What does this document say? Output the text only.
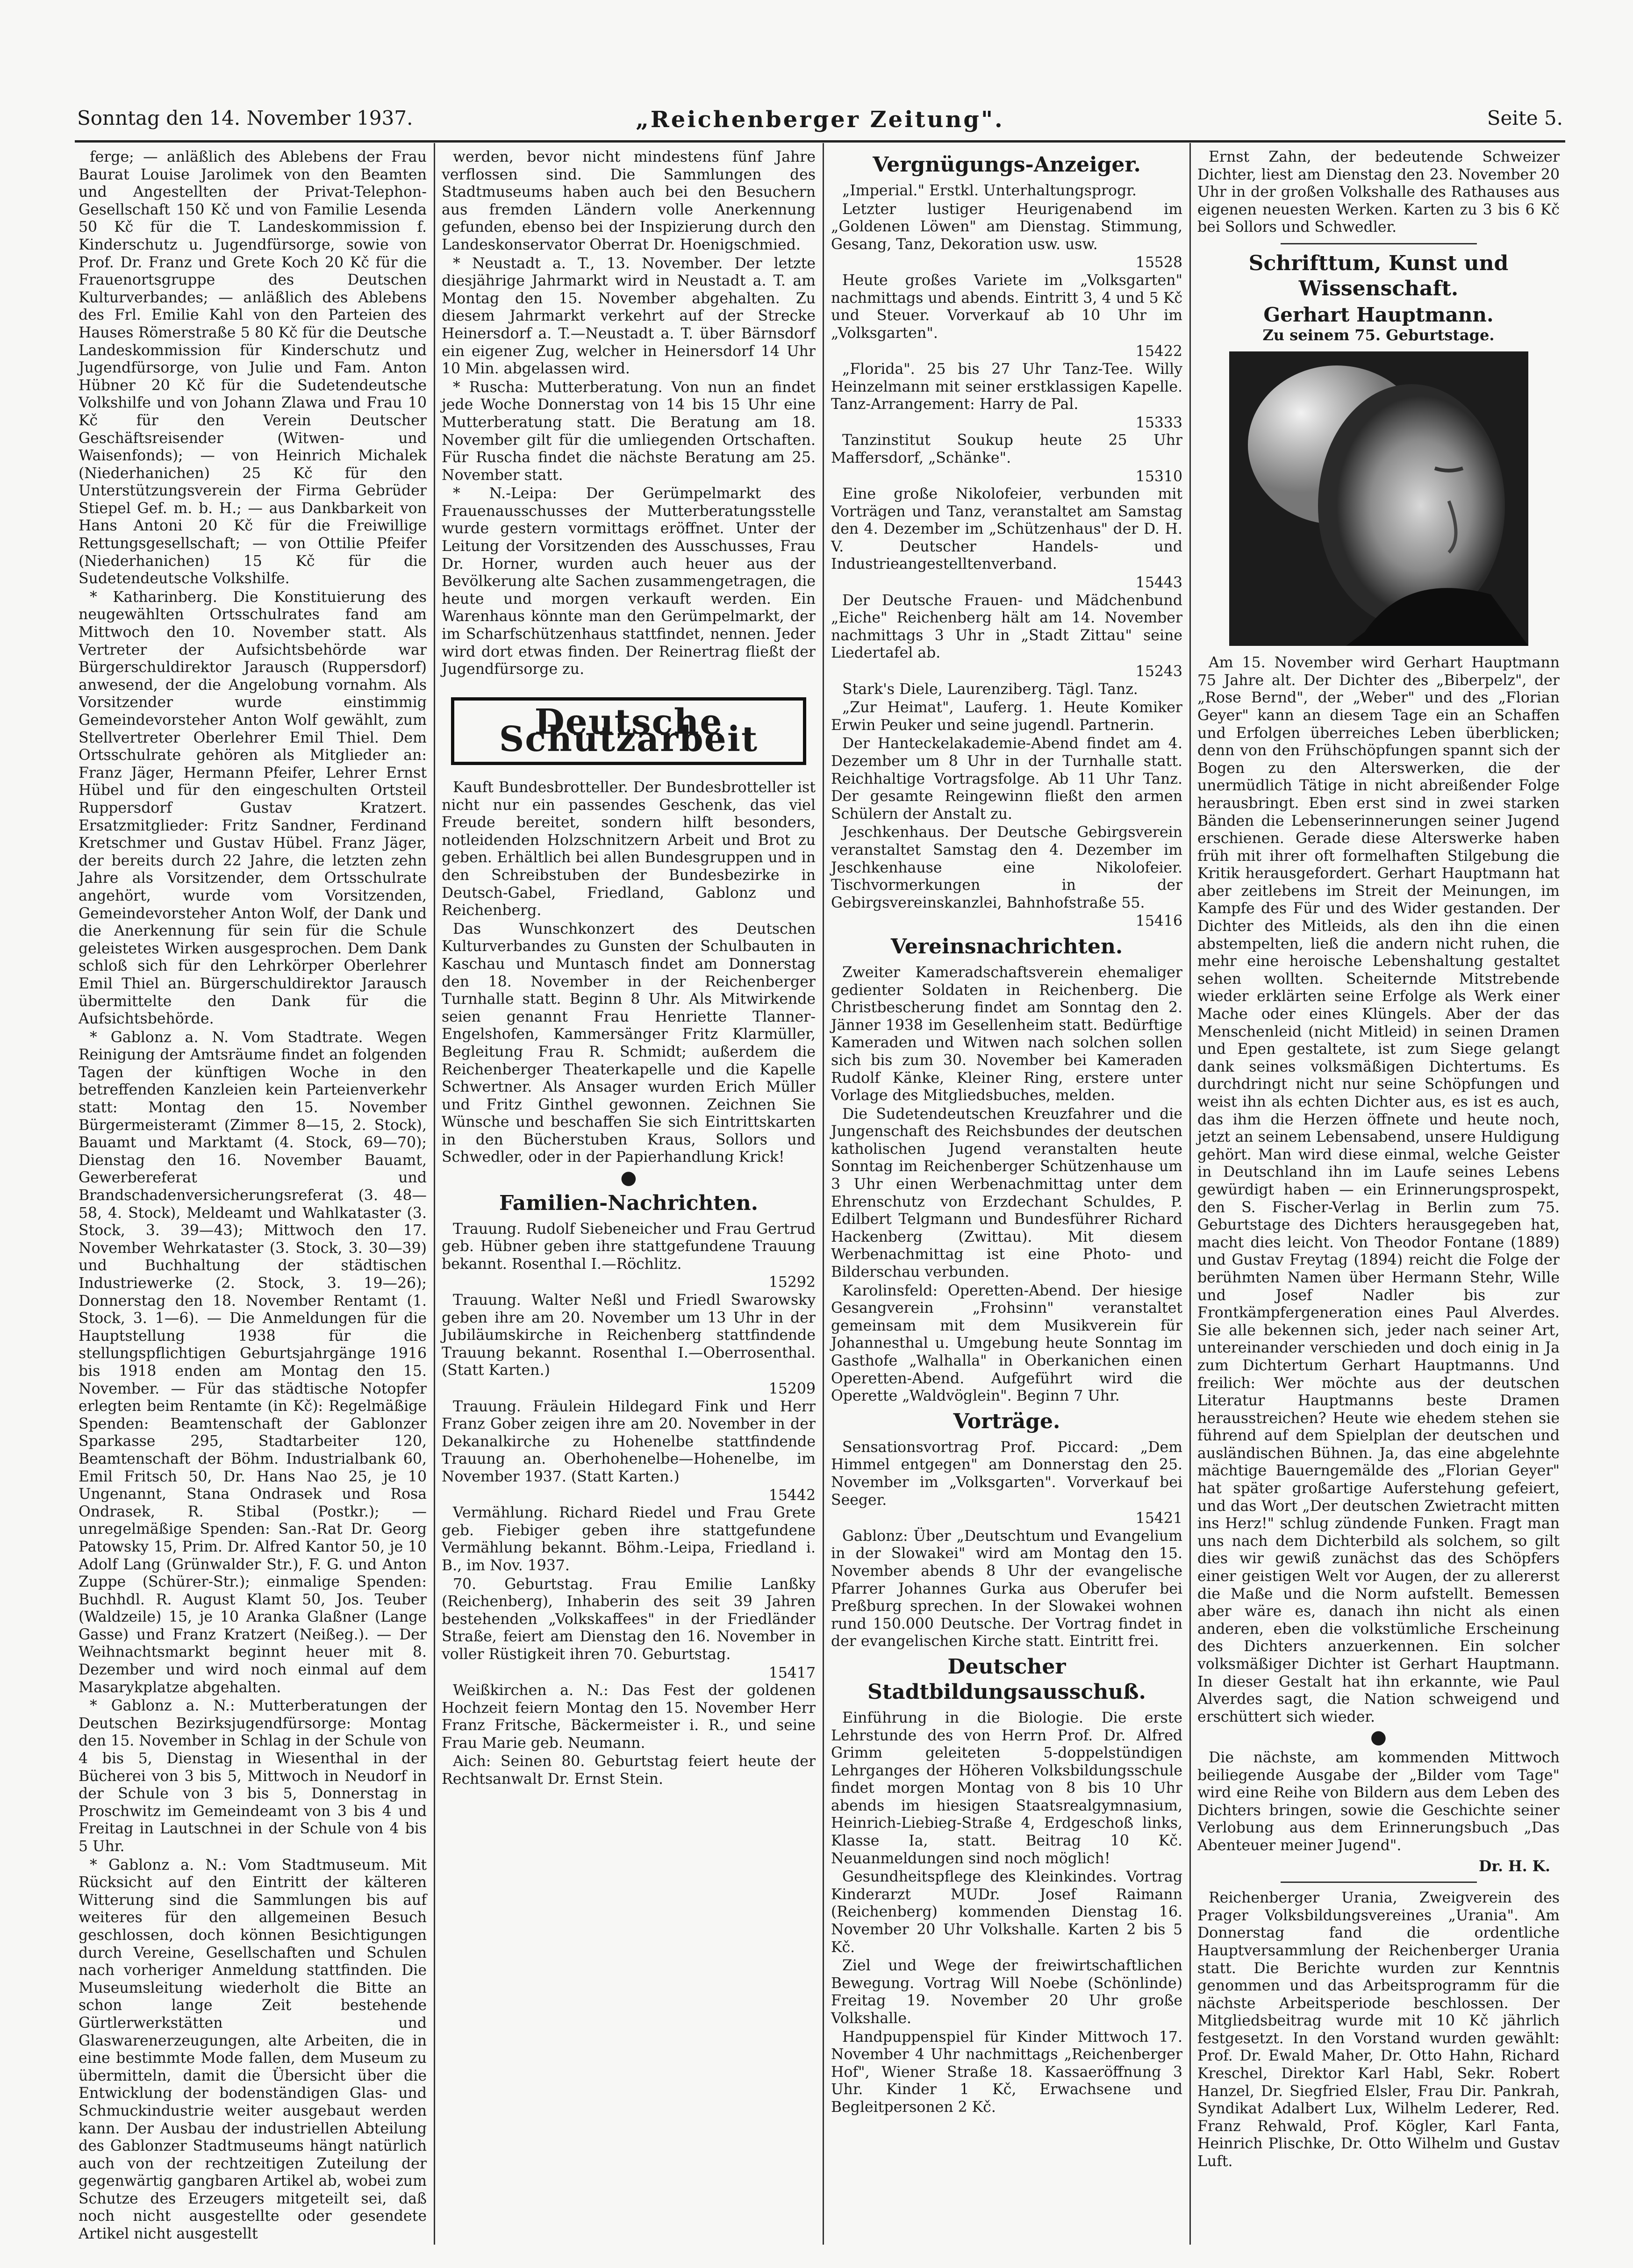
Sonntag den 14. November 1937.	„Reichenberger Zeitung".	Seite 5.

ferge; — anläßlich des Ablebens der Frau Baurat Louise Jarolimek von den Beamten und Angestellten der Privat-Telephon-Gesellschaft 150 Kč und von Familie Lesenda 50 Kč für die T. Landeskommission f. Kinderschutz u. Jugendfürsorge, sowie von Prof. Dr. Franz und Grete Koch 20 Kč für die Frauenortsgruppe des Deutschen Kulturverbandes; — anläßlich des Ablebens des Frl. Emilie Kahl von den Parteien des Hauses Römerstraße 5 80 Kč für die Deutsche Landeskommission für Kinderschutz und Jugendfürsorge, von Julie und Fam. Anton Hübner 20 Kč für die Sudetendeutsche Volkshilfe und von Johann Zlawa und Frau 10 Kč für den Verein Deutscher Geschäftsreisender (Witwen- und Waisenfonds); — von Heinrich Michalek (Niederhanichen) 25 Kč für den Unterstützungsverein der Firma Gebrüder Stiepel Gef. m. b. H.; — aus Dankbarkeit von Hans Antoni 20 Kč für die Freiwillige Rettungsgesellschaft; — von Ottilie Pfeifer (Niederhanichen) 15 Kč für die Sudetendeutsche Volkshilfe.

* Katharinberg. Die Konstituierung des neugewählten Ortsschulrates fand am Mittwoch den 10. November statt. Als Vertreter der Aufsichtsbehörde war Bürgerschuldirektor Jarausch (Ruppersdorf) anwesend, der die Angelobung vornahm. Als Vorsitzender wurde einstimmig Gemeindevorsteher Anton Wolf gewählt, zum Stellvertreter Oberlehrer Emil Thiel. Dem Ortsschulrate gehören als Mitglieder an: Franz Jäger, Hermann Pfeifer, Lehrer Ernst Hübel und für den eingeschulten Ortsteil Ruppersdorf Gustav Kratzert. Ersatzmitglieder: Fritz Sandner, Ferdinand Kretschmer und Gustav Hübel. Franz Jäger, der bereits durch 22 Jahre, die letzten zehn Jahre als Vorsitzender, dem Ortsschulrate angehört, wurde vom Vorsitzenden, Gemeindevorsteher Anton Wolf, der Dank und die Anerkennung für sein für die Schule geleistetes Wirken ausgesprochen. Dem Dank schloß sich für den Lehrkörper Oberlehrer Emil Thiel an. Bürgerschuldirektor Jarausch übermittelte den Dank für die Aufsichtsbehörde.

* Gablonz a. N. Vom Stadtrate. Wegen Reinigung der Amtsräume findet an folgenden Tagen der künftigen Woche in den betreffenden Kanzleien kein Parteienverkehr statt: Montag den 15. November Bürgermeisteramt (Zimmer 8—15, 2. Stock), Bauamt und Marktamt (4. Stock, 69—70); Dienstag den 16. November Bauamt, Gewerbereferat und Brandschadenversicherungsreferat (3. 48—58, 4. Stock), Meldeamt und Wahlkataster (3. Stock, 3. 39—43); Mittwoch den 17. November Wehrkataster (3. Stock, 3. 30—39) und Buchhaltung der städtischen Industriewerke (2. Stock, 3. 19—26); Donnerstag den 18. November Rentamt (1. Stock, 3. 1—6). — Die Anmeldungen für die Hauptstellung 1938 für die stellungspflichtigen Geburtsjahrgänge 1916 bis 1918 enden am Montag den 15. November. — Für das städtische Notopfer erlegten beim Rentamte (in Kč): Regelmäßige Spenden: Beamtenschaft der Gablonzer Sparkasse 295, Stadtarbeiter 120, Beamtenschaft der Böhm. Industrialbank 60, Emil Fritsch 50, Dr. Hans Nao 25, je 10 Ungenannt, Stana Ondrasek und Rosa Ondrasek, R. Stibal (Postkr.); — unregelmäßige Spenden: San.-Rat Dr. Georg Patowsky 15, Prim. Dr. Alfred Kantor 50, je 10 Adolf Lang (Grünwalder Str.), F. G. und Anton Zuppe (Schürer-Str.); einmalige Spenden: Buchhdl. R. August Klamt 50, Jos. Teuber (Waldzeile) 15, je 10 Aranka Glaßner (Lange Gasse) und Franz Kratzert (Neißeg.). — Der Weihnachtsmarkt beginnt heuer mit 8. Dezember und wird noch einmal auf dem Masarykplatze abgehalten.

* Gablonz a. N.: Mutterberatungen der Deutschen Bezirksjugendfürsorge: Montag den 15. November in Schlag in der Schule von 4 bis 5, Dienstag in Wiesenthal in der Bücherei von 3 bis 5, Mittwoch in Neudorf in der Schule von 3 bis 5, Donnerstag in Proschwitz im Gemeindeamt von 3 bis 4 und Freitag in Lautschnei in der Schule von 4 bis 5 Uhr.

* Gablonz a. N.: Vom Stadtmuseum. Mit Rücksicht auf den Eintritt der kälteren Witterung sind die Sammlungen bis auf weiteres für den allgemeinen Besuch geschlossen, doch können Besichtigungen durch Vereine, Gesellschaften und Schulen nach vorheriger Anmeldung stattfinden. Die Museumsleitung wiederholt die Bitte an schon lange Zeit bestehende Gürtlerwerkstätten und Glaswarenerzeugungen, alte Arbeiten, die in eine bestimmte Mode fallen, dem Museum zu übermitteln, damit die Übersicht über die Entwicklung der bodenständigen Glas- und Schmuckindustrie weiter ausgebaut werden kann. Der Ausbau der industriellen Abteilung des Gablonzer Stadtmuseums hängt natürlich auch von der rechtzeitigen Zuteilung der gegenwärtig gangbaren Artikel ab, wobei zum Schutze des Erzeugers mitgeteilt sei, daß noch nicht ausgestellte oder gesendete Artikel nicht ausgestellt

werden, bevor nicht mindestens fünf Jahre verflossen sind. Die Sammlungen des Stadtmuseums haben auch bei den Besuchern aus fremden Ländern volle Anerkennung gefunden, ebenso bei der Inspizierung durch den Landeskonservator Oberrat Dr. Hoenigschmied.

* Neustadt a. T., 13. November. Der letzte diesjährige Jahrmarkt wird in Neustadt a. T. am Montag den 15. November abgehalten. Zu diesem Jahrmarkt verkehrt auf der Strecke Heinersdorf a. T.—Neustadt a. T. über Bärnsdorf ein eigener Zug, welcher in Heinersdorf 14 Uhr 10 Min. abgelassen wird.

* Ruscha: Mutterberatung. Von nun an findet jede Woche Donnerstag von 14 bis 15 Uhr eine Mutterberatung statt. Die Beratung am 18. November gilt für die umliegenden Ortschaften. Für Ruscha findet die nächste Beratung am 25. November statt.

* N.-Leipa: Der Gerümpelmarkt des Frauenausschusses der Mutterberatungsstelle wurde gestern vormittags eröffnet. Unter der Leitung der Vorsitzenden des Ausschusses, Frau Dr. Horner, wurden auch heuer aus der Bevölkerung alte Sachen zusammengetragen, die heute und morgen verkauft werden. Ein Warenhaus könnte man den Gerümpelmarkt, der im Scharfschützenhaus stattfindet, nennen. Jeder wird dort etwas finden. Der Reinertrag fließt der Jugendfürsorge zu.

Deutsche Schutzarbeit

Kauft Bundesbrotteller. Der Bundesbrotteller ist nicht nur ein passendes Geschenk, das viel Freude bereitet, sondern hilft besonders, notleidenden Holzschnitzern Arbeit und Brot zu geben. Erhältlich bei allen Bundesgruppen und in den Schreibstuben der Bundesbezirke in Deutsch-Gabel, Friedland, Gablonz und Reichenberg.

Das Wunschkonzert des Deutschen Kulturverbandes zu Gunsten der Schulbauten in Kaschau und Muntasch findet am Donnerstag den 18. November in der Reichenberger Turnhalle statt. Beginn 8 Uhr. Als Mitwirkende seien genannt Frau Henriette Tlanner-Engelshofen, Kammersänger Fritz Klarmüller, Begleitung Frau R. Schmidt; außerdem die Reichenberger Theaterkapelle und die Kapelle Schwertner. Als Ansager wurden Erich Müller und Fritz Ginthel gewonnen. Zeichnen Sie Wünsche und beschaffen Sie sich Eintrittskarten in den Bücherstuben Kraus, Sollors und Schwedler, oder in der Papierhandlung Krick!

●
Familien-Nachrichten.

Trauung. Rudolf Siebeneicher und Frau Gertrud geb. Hübner geben ihre stattgefundene Trauung bekannt. Rosenthal I.—Röchlitz.

15292

Trauung. Walter Neßl und Friedl Swarowsky geben ihre am 20. November um 13 Uhr in der Jubiläumskirche in Reichenberg stattfindende Trauung bekannt. Rosenthal I.—Oberrosenthal. (Statt Karten.)

15209

Trauung. Fräulein Hildegard Fink und Herr Franz Gober zeigen ihre am 20. November in der Dekanalkirche zu Hohenelbe stattfindende Trauung an. Oberhohenelbe—Hohenelbe, im November 1937. (Statt Karten.)

15442

Vermählung. Richard Riedel und Frau Grete geb. Fiebiger geben ihre stattgefundene Vermählung bekannt. Böhm.-Leipa, Friedland i. B., im Nov. 1937.

70. Geburtstag. Frau Emilie Lanßky (Reichenberg), Inhaberin des seit 39 Jahren bestehenden „Volkskaffees" in der Friedländer Straße, feiert am Dienstag den 16. November in voller Rüstigkeit ihren 70. Geburtstag.

15417

Weißkirchen a. N.: Das Fest der goldenen Hochzeit feiern Montag den 15. November Herr Franz Fritsche, Bäckermeister i. R., und seine Frau Marie geb. Neumann.

Aich: Seinen 80. Geburtstag feiert heute der Rechtsanwalt Dr. Ernst Stein.

Vergnügungs-Anzeiger.

„Imperial." Erstkl. Unterhaltungsprogr.

Letzter lustiger Heurigenabend im „Goldenen Löwen" am Dienstag. Stimmung, Gesang, Tanz, Dekoration usw. usw.

15528

Heute großes Variete im „Volksgarten" nachmittags und abends. Eintritt 3, 4 und 5 Kč und Steuer. Vorverkauf ab 10 Uhr im „Volksgarten".

15422

„Florida". 25 bis 27 Uhr Tanz-Tee. Willy Heinzelmann mit seiner erstklassigen Kapelle. Tanz-Arrangement: Harry de Pal.

15333

Tanzinstitut Soukup heute 25 Uhr Maffersdorf, „Schänke".

15310

Eine große Nikolofeier, verbunden mit Vorträgen und Tanz, veranstaltet am Samstag den 4. Dezember im „Schützenhaus" der D. H. V. Deutscher Handels- und Industrieangestelltenverband.

15443

Der Deutsche Frauen- und Mädchenbund „Eiche" Reichenberg hält am 14. November nachmittags 3 Uhr in „Stadt Zittau" seine Liedertafel ab.

15243

Stark's Diele, Laurenziberg. Tägl. Tanz.

„Zur Heimat", Lauferg. 1. Heute Komiker Erwin Peuker und seine jugendl. Partnerin.

Der Hanteckelakademie-Abend findet am 4. Dezember um 8 Uhr in der Turnhalle statt. Reichhaltige Vortragsfolge. Ab 11 Uhr Tanz. Der gesamte Reingewinn fließt den armen Schülern der Anstalt zu.

Jeschkenhaus. Der Deutsche Gebirgsverein veranstaltet Samstag den 4. Dezember im Jeschkenhause eine Nikolofeier. Tischvormerkungen in der Gebirgsvereinskanzlei, Bahnhofstraße 55.

15416
Vereinsnachrichten.

Zweiter Kameradschaftsverein ehemaliger gedienter Soldaten in Reichenberg. Die Christbescherung findet am Sonntag den 2. Jänner 1938 im Gesellenheim statt. Bedürftige Kameraden und Witwen nach solchen sollen sich bis zum 30. November bei Kameraden Rudolf Känke, Kleiner Ring, erstere unter Vorlage des Mitgliedsbuches, melden.

Die Sudetendeutschen Kreuzfahrer und die Jungenschaft des Reichsbundes der deutschen katholischen Jugend veranstalten heute Sonntag im Reichenberger Schützenhause um 3 Uhr einen Werbenachmittag unter dem Ehrenschutz von Erzdechant Schuldes, P. Edilbert Telgmann und Bundesführer Richard Hackenberg (Zwittau). Mit diesem Werbenachmittag ist eine Photo- und Bilderschau verbunden.

Karolinsfeld: Operetten-Abend. Der hiesige Gesangverein „Frohsinn" veranstaltet gemeinsam mit dem Musikverein für Johannesthal u. Umgebung heute Sonntag im Gasthofe „Walhalla" in Oberkanichen einen Operetten-Abend. Aufgeführt wird die Operette „Waldvöglein". Beginn 7 Uhr.

Vorträge.

Sensationsvortrag Prof. Piccard: „Dem Himmel entgegen" am Donnerstag den 25. November im „Volksgarten". Vorverkauf bei Seeger.

15421

Gablonz: Über „Deutschtum und Evangelium in der Slowakei" wird am Montag den 15. November abends 8 Uhr der evangelische Pfarrer Johannes Gurka aus Oberufer bei Preßburg sprechen. In der Slowakei wohnen rund 150.000 Deutsche. Der Vortrag findet in der evangelischen Kirche statt. Eintritt frei.

Deutscher Stadtbildungsausschuß.

Einführung in die Biologie. Die erste Lehrstunde des von Herrn Prof. Dr. Alfred Grimm geleiteten 5-doppelstündigen Lehrganges der Höheren Volksbildungsschule findet morgen Montag von 8 bis 10 Uhr abends im hiesigen Staatsrealgymnasium, Heinrich-Liebieg-Straße 4, Erdgeschoß links, Klasse Ia, statt. Beitrag 10 Kč. Neuanmeldungen sind noch möglich!

Gesundheitspflege des Kleinkindes. Vortrag Kinderarzt MUDr. Josef Raimann (Reichenberg) kommenden Dienstag 16. November 20 Uhr Volkshalle. Karten 2 bis 5 Kč.

Ziel und Wege der freiwirtschaftlichen Bewegung. Vortrag Will Noebe (Schönlinde) Freitag 19. November 20 Uhr große Volkshalle.

Handpuppenspiel für Kinder Mittwoch 17. November 4 Uhr nachmittags „Reichenberger Hof", Wiener Straße 18. Kassaeröffnung 3 Uhr. Kinder 1 Kč, Erwachsene und Begleitpersonen 2 Kč.

Ernst Zahn, der bedeutende Schweizer Dichter, liest am Dienstag den 23. November 20 Uhr in der großen Volkshalle des Rathauses aus eigenen neuesten Werken. Karten zu 3 bis 6 Kč bei Sollors und Schwedler.

Schrifttum, Kunst und Wissenschaft.
Gerhart Hauptmann.
Zu seinem 75. Geburtstage.

Am 15. November wird Gerhart Hauptmann 75 Jahre alt. Der Dichter des „Biberpelz", der „Rose Bernd", der „Weber" und des „Florian Geyer" kann an diesem Tage ein an Schaffen und Erfolgen überreiches Leben überblicken; denn von den Frühschöpfungen spannt sich der Bogen zu den Alterswerken, die der unermüdlich Tätige in nicht abreißender Folge herausbringt. Eben erst sind in zwei starken Bänden die Lebenserinnerungen seiner Jugend erschienen. Gerade diese Alterswerke haben früh mit ihrer oft formelhaften Stilgebung die Kritik herausgefordert. Gerhart Hauptmann hat aber zeitlebens im Streit der Meinungen, im Kampfe des Für und des Wider gestanden. Der Dichter des Mitleids, als den ihn die einen abstempelten, ließ die andern nicht ruhen, die mehr eine heroische Lebenshaltung gestaltet sehen wollten. Scheiternde Mitstrebende wieder erklärten seine Erfolge als Werk einer Mache oder eines Klüngels. Aber der das Menschenleid (nicht Mitleid) in seinen Dramen und Epen gestaltete, ist zum Siege gelangt dank seines volksmäßigen Dichtertums. Es durchdringt nicht nur seine Schöpfungen und weist ihn als echten Dichter aus, es ist es auch, das ihm die Herzen öffnete und heute noch, jetzt an seinem Lebensabend, unsere Huldigung gehört. Man wird diese einmal, welche Geister in Deutschland ihn im Laufe seines Lebens gewürdigt haben — ein Erinnerungsprospekt, den S. Fischer-Verlag in Berlin zum 75. Geburtstage des Dichters herausgegeben hat, macht dies leicht. Von Theodor Fontane (1889) und Gustav Freytag (1894) reicht die Folge der berühmten Namen über Hermann Stehr, Wille und Josef Nadler bis zur Frontkämpfergeneration eines Paul Alverdes. Sie alle bekennen sich, jeder nach seiner Art, untereinander verschieden und doch einig in Ja zum Dichtertum Gerhart Hauptmanns. Und freilich: Wer möchte aus der deutschen Literatur Hauptmanns beste Dramen herausstreichen? Heute wie ehedem stehen sie führend auf dem Spielplan der deutschen und ausländischen Bühnen. Ja, das eine abgelehnte mächtige Bauerngemälde des „Florian Geyer" hat später großartige Auferstehung gefeiert, und das Wort „Der deutschen Zwietracht mitten ins Herz!" schlug zündende Funken. Fragt man uns nach dem Dichterbild als solchem, so gilt dies wir gewiß zunächst das des Schöpfers einer geistigen Welt vor Augen, der zu allererst die Maße und die Norm aufstellt. Bemessen aber wäre es, danach ihn nicht als einen anderen, eben die volkstümliche Erscheinung des Dichters anzuerkennen. Ein solcher volksmäßiger Dichter ist Gerhart Hauptmann. In dieser Gestalt hat ihn erkannte, wie Paul Alverdes sagt, die Nation schweigend und erschüttert sich wieder.

●

Die nächste, am kommenden Mittwoch beiliegende Ausgabe der „Bilder vom Tage" wird eine Reihe von Bildern aus dem Leben des Dichters bringen, sowie die Geschichte seiner Verlobung aus dem Erinnerungsbuch „Das Abenteuer meiner Jugend".

Dr. H. K.

Reichenberger Urania, Zweigverein des Prager Volksbildungsvereines „Urania". Am Donnerstag fand die ordentliche Hauptversammlung der Reichenberger Urania statt. Die Berichte wurden zur Kenntnis genommen und das Arbeitsprogramm für die nächste Arbeitsperiode beschlossen. Der Mitgliedsbeitrag wurde mit 10 Kč jährlich festgesetzt. In den Vorstand wurden gewählt: Prof. Dr. Ewald Maher, Dr. Otto Hahn, Richard Kreschel, Direktor Karl Habl, Sekr. Robert Hanzel, Dr. Siegfried Elsler, Frau Dir. Pankrah, Syndikat Adalbert Lux, Wilhelm Lederer, Red. Franz Rehwald, Prof. Kögler, Karl Fanta, Heinrich Plischke, Dr. Otto Wilhelm und Gustav Luft.
